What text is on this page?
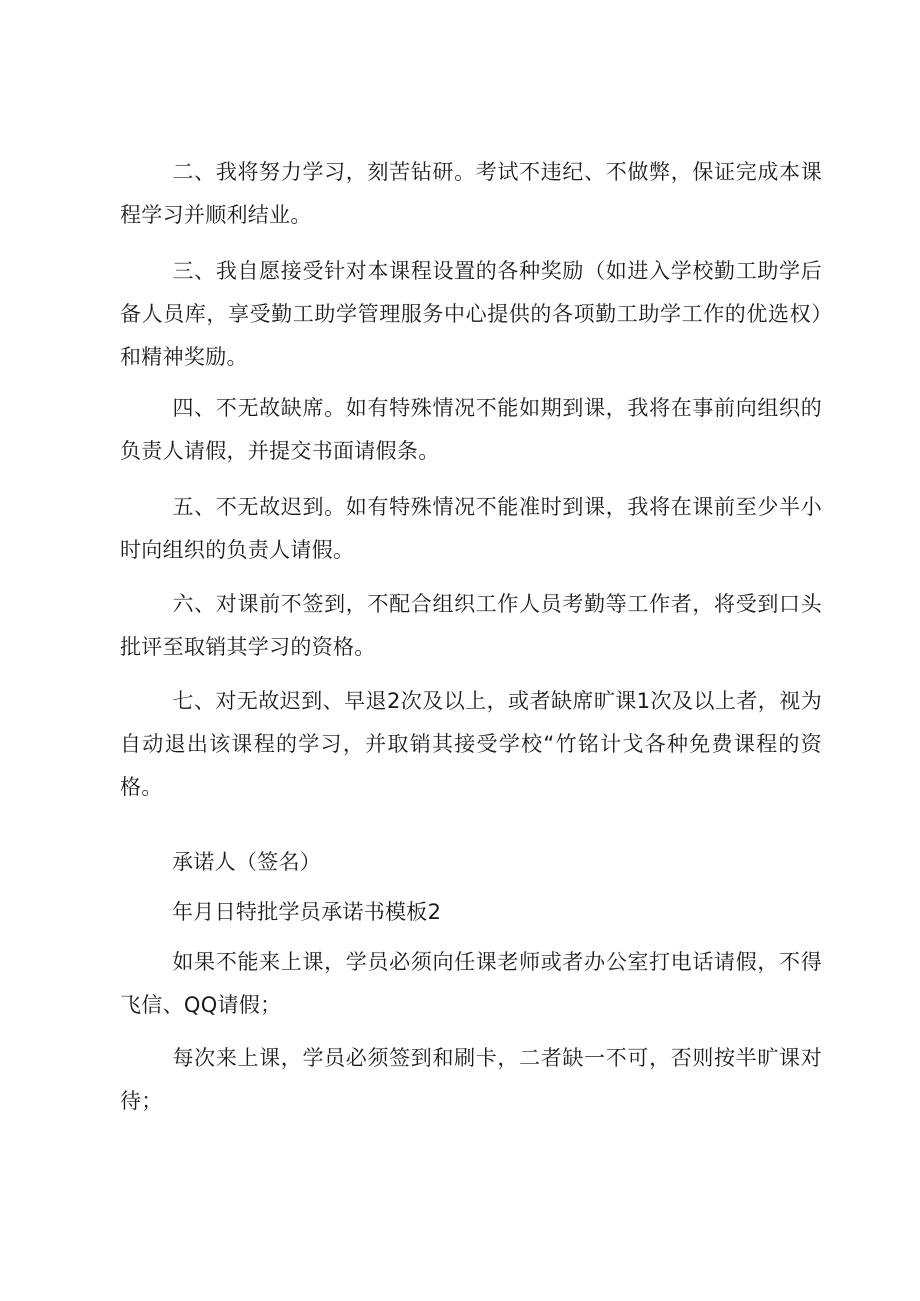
二、我将努力学习，刻苦钻研。考试不违纪、不做弊，保证完成本课程学习并顺利结业。

三、我自愿接受针对本课程设置的各种奖励（如进入学校勤工助学后备人员库，享受勤工助学管理服务中心提供的各项勤工助学工作的优选权）和精神奖励。

四、不无故缺席。如有特殊情况不能如期到课，我将在事前向组织的负责人请假，并提交书面请假条。

五、不无故迟到。如有特殊情况不能准时到课，我将在课前至少半小时向组织的负责人请假。

六、对课前不签到，不配合组织工作人员考勤等工作者，将受到口头批评至取销其学习的资格。

七、对无故迟到、早退2次及以上，或者缺席旷课1次及以上者，视为自动退出该课程的学习，并取销其接受学校“竹铭计戈各种免费课程的资格。

承诺人（签名）

年月日特批学员承诺书模板2

如果不能来上课，学员必须向任课老师或者办公室打电话请假，不得飞信、QQ请假；

每次来上课，学员必须签到和刷卡，二者缺一不可，否则按半旷课对待；
